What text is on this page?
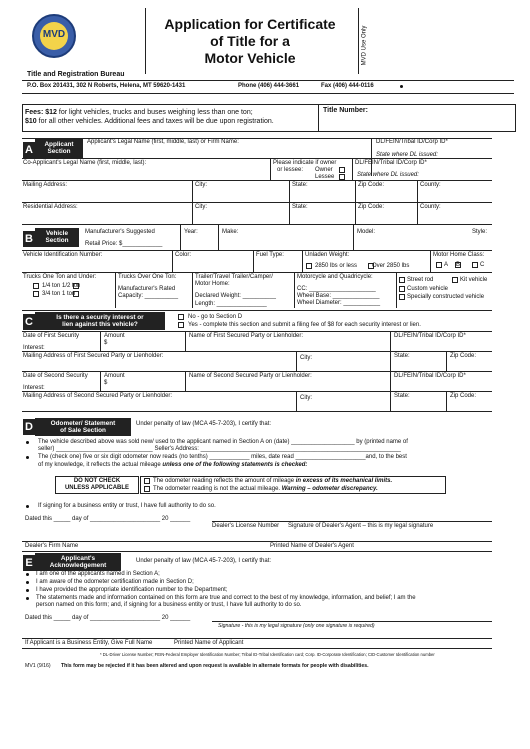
MVD
Application for Certificate
of Title for a
Motor Vehicle	MVD Use Only
Title and Registration Bureau
P.O. Box 201431, 302 N Roberts, Helena, MT 59620-1431	Phone (406) 444-3661	Fax (406) 444-0116
Fees: $12 for light vehicles, trucks and buses weighing less than one ton;
$10 for all other vehicles. Additional fees and taxes will be due upon registration.
Title Number:
A	Applicant
Section
Applicant's Legal Name (first, middle, last) or Firm Name:	DL/FEIN/Tribal ID/Corp ID*
State where DL issued:
Co-Applicant's Legal Name (first, middle, last):	Please indicate if owner
or lessee: Owner
Lessee
DL/FEIN/Tribal ID/Corp ID*
State where DL issued:
Mailing Address:	City:	State:	Zip Code:	County:
Residential Address:	City:	State:	Zip Code:	County:
B	Vehicle
Section
Manufacturer's Suggested
Retail Price: $____________
Year:	Make:	Model:	Style:
Vehicle Identification Number:	Color:	Fuel Type:	Unladen Weight:
2850 lbs or less Over 2850 lbs
Motor Home Class:
A B	C
Trucks One Ton and Under:
1/4 ton 1/2 ton
3/4 ton 1 ton
Trucks Over One Ton:
Manufacturer's Rated
Capacity: __________
Trailer/Travel Trailer/Camper/
Motor Home:
Declared Weight: __________
Length: _______________
Motorcycle and Quadricycle:
CC: ____________________
Wheel Base: ______________
Wheel Diameter: ___________
Street rod	Kit vehicle
Custom vehicle
Specially constructed vehicle
C	Is there a security interest or
lien against this vehicle?
No - go to Section D
Yes - complete this section and submit a filing fee of $8 for each security interest or lien.
Date of First Security
Interest:
Amount
$
Name of First Secured Party or Lienholder:	DL/FEIN/Tribal ID/Corp ID*
Mailing Address of First Secured Party or Lienholder:	City:	State:	Zip Code:
Date of Second Security
Interest:
Amount
$
Name of Second Secured Party or Lienholder:	DL/FEIN/Tribal ID/Corp ID*
Mailing Address of Second Secured Party or Lienholder:	City:	State:	Zip Code:
D	Odometer/ Statement
of Sale Section
Under penalty of law (MCA 45-7-203), I certify that:
The vehicle described above was sold new/ used to the applicant named in Section A on (date) ___________________ by (printed name of
seller) _____________________________ Seller's Address: ____________________________________________________________
The (check one) five or six digit odometer now reads (no tenths) ____________ miles, date read _____________________and, to the best
of my knowledge, it reflects the actual mileage unless one of the following statements is checked:
DO NOT CHECK
UNLESS APPLICABLE
The odometer reading reflects the amount of mileage in excess of its mechanical limits.
The odometer reading is not the actual mileage. Warning – odometer discrepancy.
If signing for a business entity or trust, I have full authority to do so.
Dated this _____ day of _____________________ 20 ______
Dealer's License Number Signature of Dealer's Agent – this is my legal signature
Dealer's Firm Name	Printed Name of Dealer's Agent
E	Applicant's
Acknowledgement
Under penalty of law (MCA 45-7-203), I certify that:
I am one of the applicants named in Section A;
I am aware of the odometer certification made in Section D;
I have provided the appropriate identification number to the Department;
The statements made and information contained on this form are true and correct to the best of my knowledge, information, and belief; I am the
person named on this form; and, if signing for a business entity or trust, I have full authority to do so.
Dated this _____ day of _____________________ 20 ______
Signature - this is my legal signature (only one signature is required)
If Applicant is a Business Entity, Give Full Name	Printed Name of Applicant
* DL-Driver License Number; FEIN-Federal Employer Identification Number; Tribal ID-Tribal Identification card; Corp. ID-Corporate Identification; CID-Customer Identification number
MV1 (9/16) This form may be rejected if it has been altered and upon request is available in alternate formats for people with disabilities.
